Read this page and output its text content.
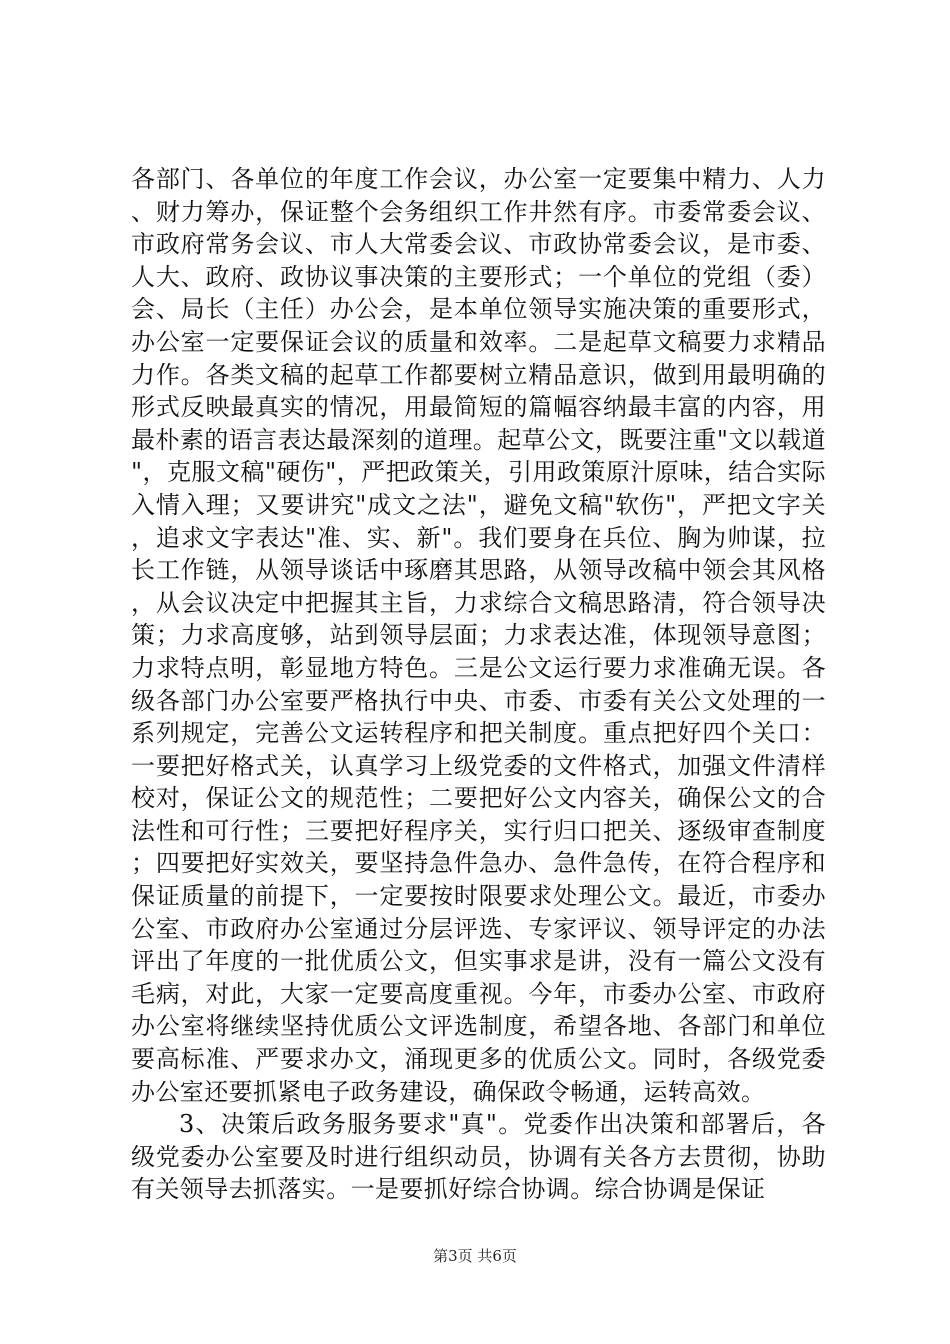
各部门、各单位的年度工作会议，办公室一定要集中精力、人力、财力筹办，保证整个会务组织工作井然有序。市委常委会议、市政府常务会议、市人大常委会议、市政协常委会议，是市委、人大、政府、政协议事决策的主要形式；一个单位的党组（委）会、局长（主任）办公会，是本单位领导实施决策的重要形式，办公室一定要保证会议的质量和效率。二是起草文稿要力求精品力作。各类文稿的起草工作都要树立精品意识，做到用最明确的形式反映最真实的情况，用最简短的篇幅容纳最丰富的内容，用最朴素的语言表达最深刻的道理。起草公文，既要注重"文以载道"，克服文稿"硬伤"，严把政策关，引用政策原汁原味，结合实际入情入理；又要讲究"成文之法"，避免文稿"软伤"，严把文字关，追求文字表达"准、实、新"。我们要身在兵位、胸为帅谋，拉长工作链，从领导谈话中琢磨其思路，从领导改稿中领会其风格，从会议决定中把握其主旨，力求综合文稿思路清，符合领导决策；力求高度够，站到领导层面；力求表达准，体现领导意图；力求特点明，彰显地方特色。三是公文运行要力求准确无误。各级各部门办公室要严格执行中央、市委、市委有关公文处理的一系列规定，完善公文运转程序和把关制度。重点把好四个关口：一要把好格式关，认真学习上级党委的文件格式，加强文件清样校对，保证公文的规范性；二要把好公文内容关，确保公文的合法性和可行性；三要把好程序关，实行归口把关、逐级审查制度；四要把好实效关，要坚持急件急办、急件急传，在符合程序和保证质量的前提下，一定要按时限要求处理公文。最近，市委办公室、市政府办公室通过分层评选、专家评议、领导评定的办法评出了年度的一批优质公文，但实事求是讲，没有一篇公文没有毛病，对此，大家一定要高度重视。今年，市委办公室、市政府办公室将继续坚持优质公文评选制度，希望各地、各部门和单位要高标准、严要求办文，涌现更多的优质公文。同时，各级党委办公室还要抓紧电子政务建设，确保政令畅通，运转高效。

3、决策后政务服务要求"真"。党委作出决策和部署后，各级党委办公室要及时进行组织动员，协调有关各方去贯彻，协助有关领导去抓落实。一是要抓好综合协调。综合协调是保证

第3页 共6页
